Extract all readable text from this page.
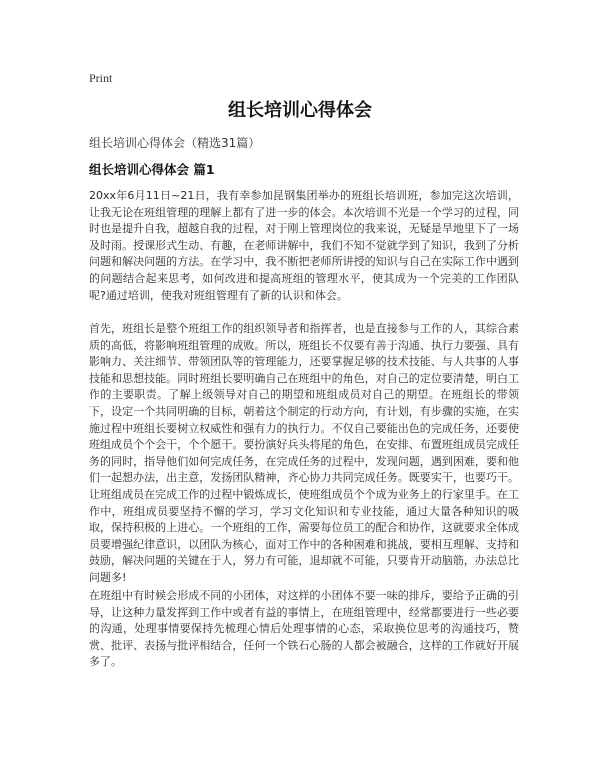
Print
组长培训心得体会
组长培训心得体会（精选31篇）
组长培训心得体会 篇1

20xx年6月11日~21日，我有幸参加昆钢集团举办的班组长培训班，参加完这次培训，让我无论在班组管理的理解上都有了进一步的体会。本次培训不光是一个学习的过程，同时也是提升自我，超越自我的过程，对于刚上管理岗位的我来说，无疑是旱地里下了一场及时雨。授课形式生动、有趣，在老师讲解中，我们不知不觉就学到了知识，我到了分析问题和解决问题的方法。在学习中，我不断把老师所讲授的知识与自己在实际工作中遇到的问题结合起来思考，如何改进和提高班组的管理水平，使其成为一个完美的工作团队呢?通过培训，使我对班组管理有了新的认识和体会。

首先，班组长是整个班组工作的组织领导者和指挥者，也是直接参与工作的人，其综合素质的高低，将影响班组管理的成败。所以，班组长不仅要有善于沟通、执行力要强、具有影响力、关注细节、带领团队等的管理能力，还要掌握足够的技术技能、与人共事的人事技能和思想技能。同时班组长要明确自己在班组中的角色，对自己的定位要清楚，明白工作的主要职责。了解上级领导对自己的期望和班组成员对自己的期望。在班组长的带领下，设定一个共同明确的目标，朝着这个制定的行动方向，有计划，有步骤的实施，在实施过程中班组长要树立权威性和强有力的执行力。不仅自己要能出色的完成任务，还要使班组成员个个会干，个个愿干。要扮演好兵头将尾的角色，在安排、布置班组成员完成任务的同时，指导他们如何完成任务，在完成任务的过程中，发现问题，遇到困难，要和他们一起想办法，出主意，发扬团队精神，齐心协力共同完成任务。既要实干，也要巧干。让班组成员在完成工作的过程中锻炼成长，使班组成员个个成为业务上的行家里手。在工作中，班组成员要坚持不懈的学习，学习文化知识和专业技能，通过大量各种知识的吸取，保持积极的上进心。一个班组的工作，需要每位员工的配合和协作，这就要求全体成员要增强纪律意识，以团队为核心，面对工作中的各种困难和挑战，要相互理解、支持和鼓励，解决问题的关键在于人，努力有可能，退却就不可能，只要肯开动脑筋，办法总比问题多!

在班组中有时候会形成不同的小团体，对这样的小团体不要一味的排斥，要给予正确的引导，让这种力量发挥到工作中或者有益的事情上，在班组管理中，经常都要进行一些必要的沟通，处理事情要保持先梳理心情后处理事情的心态，采取换位思考的沟通技巧，赞赏、批评、表扬与批评相结合，任何一个铁石心肠的人都会被融合，这样的工作就好开展多了。
